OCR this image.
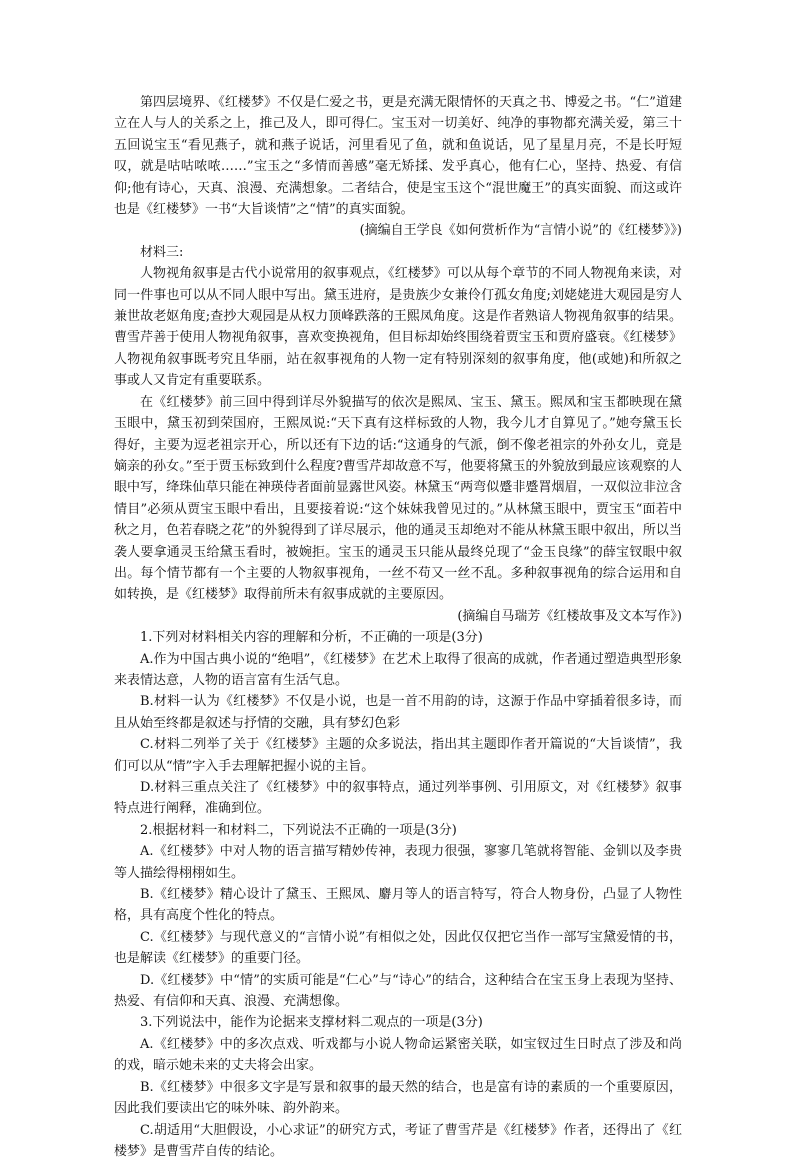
第四层境界、《红楼梦》不仅是仁爱之书，更是充满无限情怀的天真之书、博爱之书。“仁”道建立在人与人的关系之上，推己及人，即可得仁。宝玉对一切美好、纯净的事物都充满关爱，第三十五回说宝玉“看见燕子，就和燕子说话，河里看见了鱼，就和鱼说话，见了星星月亮，不是长吁短叹，就是咕咕哝哝……”宝玉之“多情而善感”毫无矫揉、发乎真心，他有仁心，坚持、热爱、有信仰;他有诗心，天真、浪漫、充满想象。二者结合，使是宝玉这个“混世魔王”的真实面貌、而这或许也是《红楼梦》一书“大旨谈情”之“情”的真实面貌。

(摘编自王学良《如何赏析作为“言情小说”的《红楼梦》》)

材料三:

人物视角叙事是古代小说常用的叙事观点，《红楼梦》可以从每个章节的不同人物视角来读，对同一件事也可以从不同人眼中写出。黛玉进府，是贵族少女兼伶仃孤女角度;刘姥姥进大观园是穷人兼世故老妪角度;查抄大观园是从权力顶峰跌落的王熙凤角度。这是作者熟谙人物视角叙事的结果。曹雪芹善于使用人物视角叙事，喜欢变换视角，但目标却始终围绕着贾宝玉和贾府盛衰。《红楼梦》人物视角叙事既考究且华丽，站在叙事视角的人物一定有特别深刻的叙事角度，他(或她)和所叙之事或人又肯定有重要联系。

在《红楼梦》前三回中得到详尽外貌描写的依次是熙凤、宝玉、黛玉。熙凤和宝玉都映现在黛玉眼中，黛玉初到荣国府，王熙凤说:“天下真有这样标致的人物，我今儿才自算见了。”她夸黛玉长得好，主要为逗老祖宗开心，所以还有下边的话:“这通身的气派，倒不像老祖宗的外孙女儿，竟是嫡亲的孙女。”至于贾玉标致到什么程度?曹雪芹却故意不写，他要将黛玉的外貌放到最应该观察的人眼中写，绛珠仙草只能在神瑛侍者面前显露世风姿。林黛玉“两弯似蹙非蹙罥烟眉，一双似泣非泣含情目”必须从贾宝玉眼中看出，且要接着说:“这个妹妹我曾见过的。”从林黛玉眼中，贾宝玉“面若中秋之月，色若春晓之花”的外貌得到了详尽展示，他的通灵玉却绝对不能从林黛玉眼中叙出，所以当袭人要拿通灵玉给黛玉看时，被婉拒。宝玉的通灵玉只能从最终兑现了“金玉良缘”的薛宝钗眼中叙出。每个情节都有一个主要的人物叙事视角，一丝不苟又一丝不乱。多种叙事视角的综合运用和自如转换，是《红楼梦》取得前所未有叙事成就的主要原因。

(摘编自马瑞芳《红楼故事及文本写作》)

1.下列对材料相关内容的理解和分析，不正确的一项是(3分)

A.作为中国古典小说的“绝唱”，《红楼梦》在艺术上取得了很高的成就，作者通过塑造典型形象来表情达意，人物的语言富有生活气息。

B.材料一认为《红楼梦》不仅是小说，也是一首不用韵的诗，这源于作品中穿插着很多诗，而且从始至终都是叙述与抒情的交融，具有梦幻色彩

C.材料二列举了关于《红楼梦》主题的众多说法，指出其主题即作者开篇说的“大旨谈情”，我们可以从“情”字入手去理解把握小说的主旨。

D.材料三重点关注了《红楼梦》中的叙事特点，通过列举事例、引用原文，对《红楼梦》叙事特点进行阐释，准确到位。

2.根据材料一和材料二，下列说法不正确的一项是(3分)

A.《红楼梦》中对人物的语言描写精妙传神，表现力很强，寥寥几笔就将智能、金钏以及李贵等人描绘得栩栩如生。

B.《红楼梦》精心设计了黛玉、王熙凤、麝月等人的语言特写，符合人物身份，凸显了人物性格，具有高度个性化的特点。

C.《红楼梦》与现代意义的“言情小说”有相似之处，因此仅仅把它当作一部写宝黛爱情的书，也是解读《红楼梦》的重要门径。

D.《红楼梦》中“情”的实质可能是“仁心”与“诗心”的结合，这种结合在宝玉身上表现为坚持、热爱、有信仰和天真、浪漫、充满想像。

3.下列说法中，能作为论据来支撑材料二观点的一项是(3分)

A.《红楼梦》中的多次点戏、听戏都与小说人物命运紧密关联，如宝钗过生日时点了涉及和尚的戏，暗示她未来的丈夫将会出家。

B.《红楼梦》中很多文字是写景和叙事的最天然的结合，也是富有诗的素质的一个重要原因，因此我们要读出它的味外味、韵外韵来。

C.胡适用“大胆假设，小心求证”的研究方式，考证了曹雪芹是《红楼梦》作者，还得出了《红楼梦》是曹雪芹自传的结论。
